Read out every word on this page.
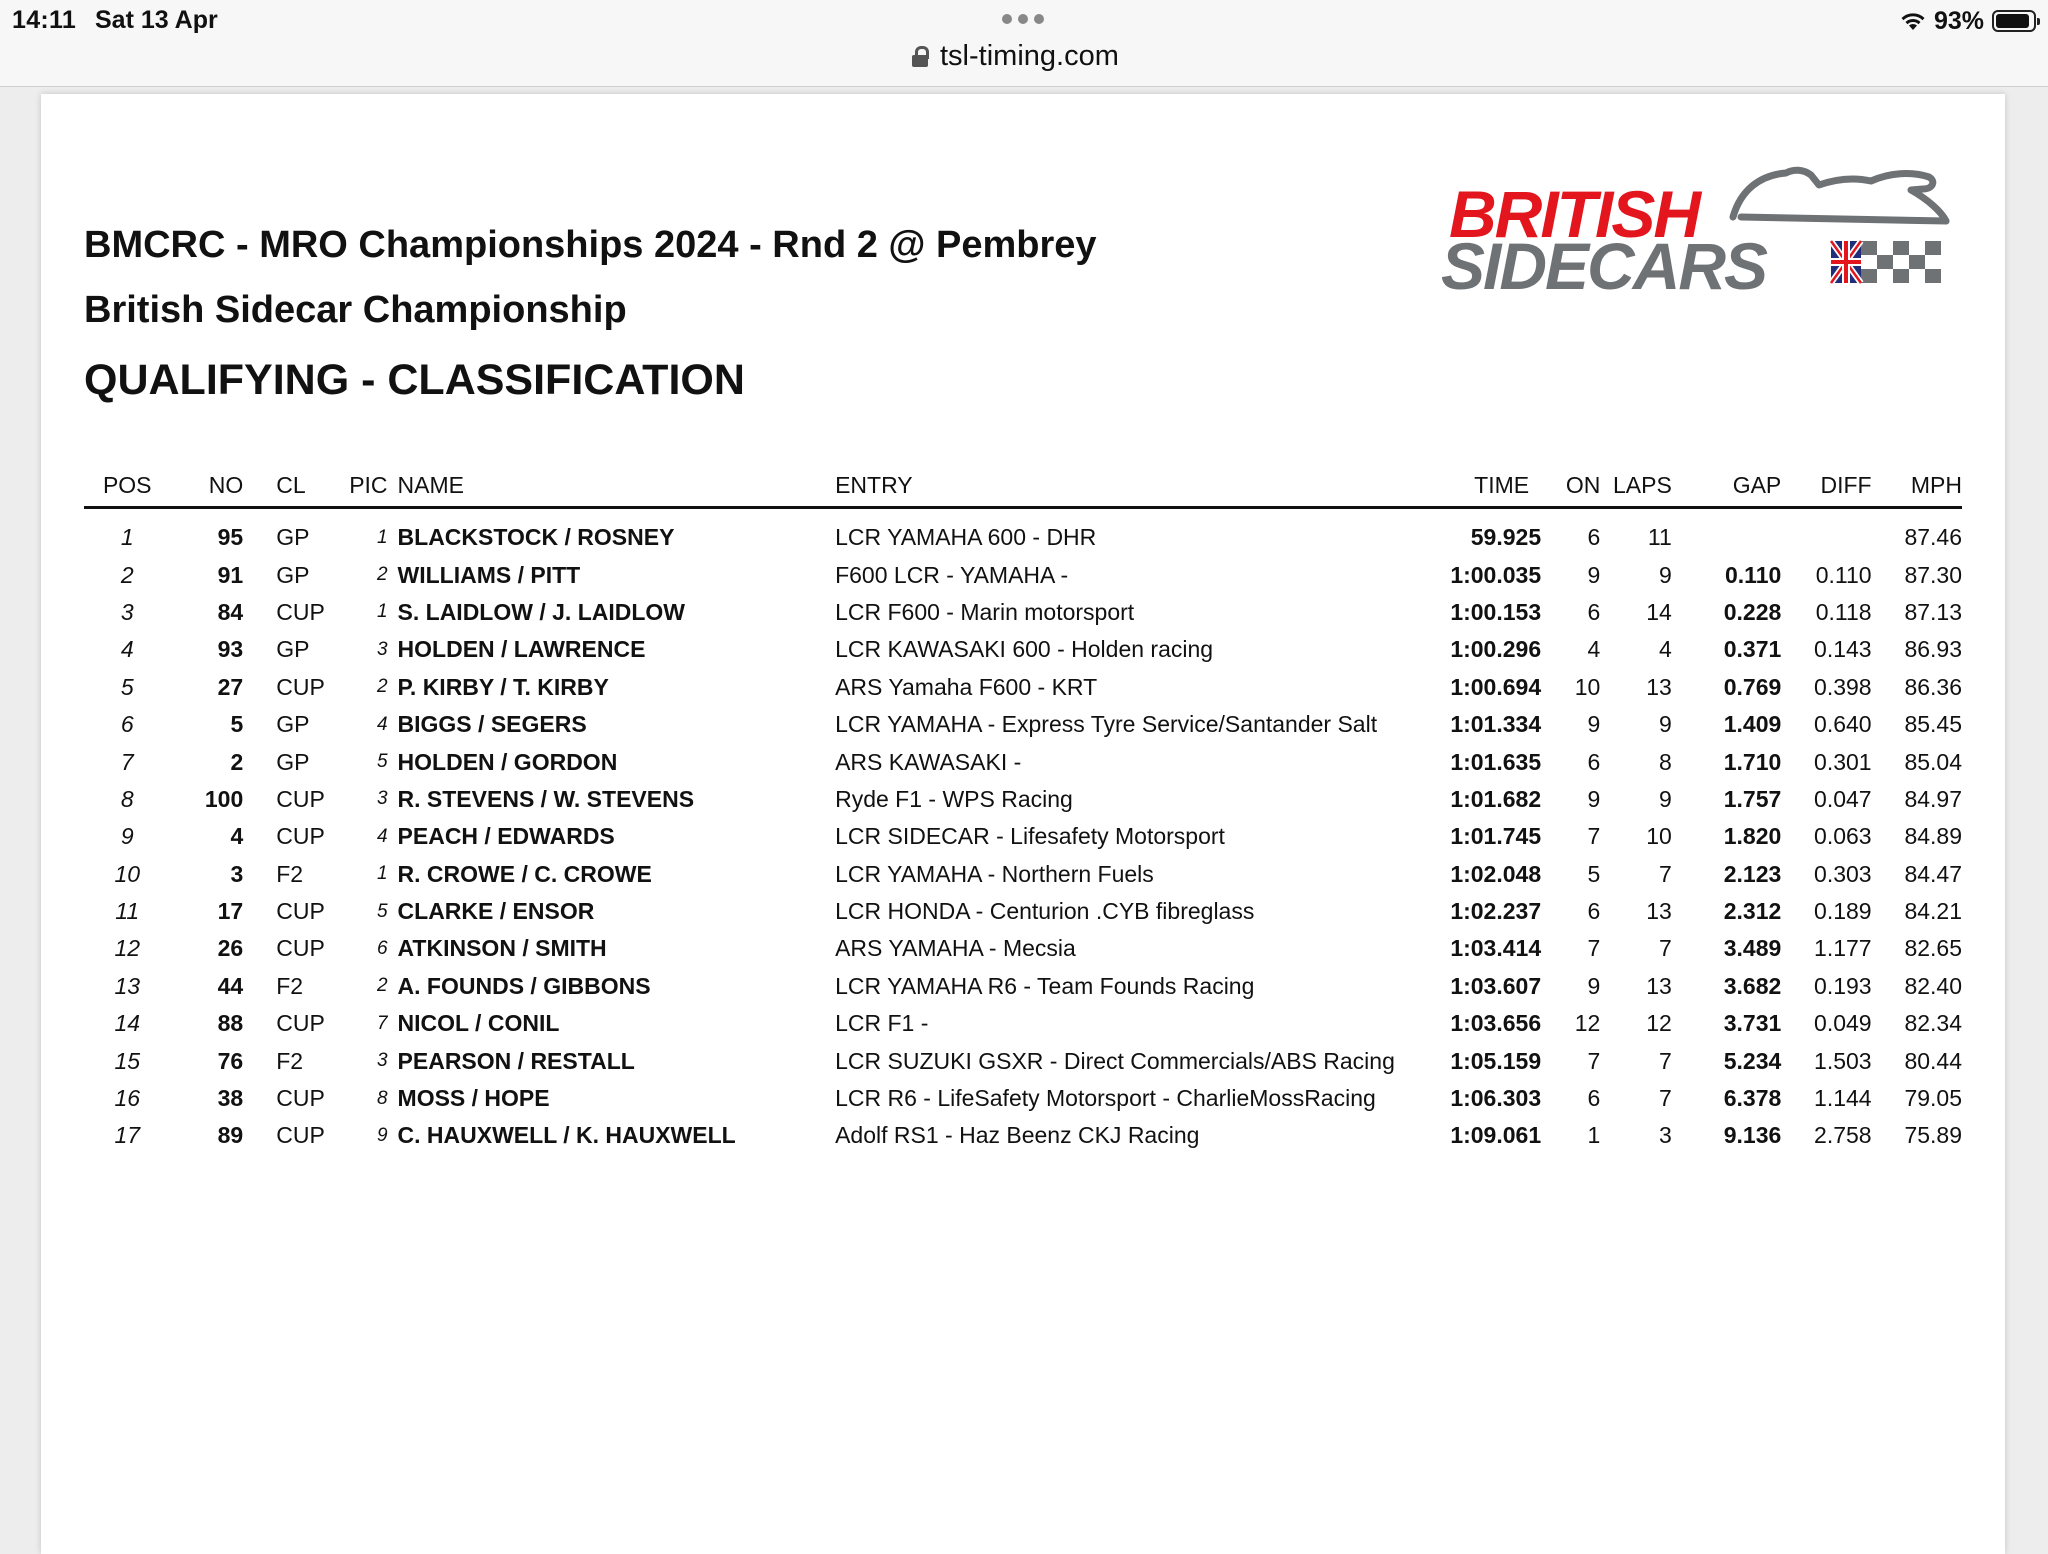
14:11 Sat 13 Apr
tsl-timing.com
93%
BMCRC - MRO Championships 2024 - Rnd 2 @ Pembrey
British Sidecar Championship
QUALIFYING - CLASSIFICATION
BRITISH
SIDECARS
POS	NO	CL	PIC	NAME	ENTRY	TIME	ON	LAPS	GAP	DIFF	MPH
1	95	GP	1	BLACKSTOCK / ROSNEY	LCR YAMAHA 600 - DHR	59.925	6	11			87.46
2	91	GP	2	WILLIAMS / PITT	F600 LCR - YAMAHA -	1:00.035	9	9	0.110	0.110	87.30
3	84	CUP	1	S. LAIDLOW / J. LAIDLOW	LCR F600 - Marin motorsport	1:00.153	6	14	0.228	0.118	87.13
4	93	GP	3	HOLDEN / LAWRENCE	LCR KAWASAKI 600 - Holden racing	1:00.296	4	4	0.371	0.143	86.93
5	27	CUP	2	P. KIRBY / T. KIRBY	ARS Yamaha F600 - KRT	1:00.694	10	13	0.769	0.398	86.36
6	5	GP	4	BIGGS / SEGERS	LCR YAMAHA - Express Tyre Service/Santander Salt	1:01.334	9	9	1.409	0.640	85.45
7	2	GP	5	HOLDEN / GORDON	ARS KAWASAKI -	1:01.635	6	8	1.710	0.301	85.04
8	100	CUP	3	R. STEVENS / W. STEVENS	Ryde F1 - WPS Racing	1:01.682	9	9	1.757	0.047	84.97
9	4	CUP	4	PEACH / EDWARDS	LCR SIDECAR - Lifesafety Motorsport	1:01.745	7	10	1.820	0.063	84.89
10	3	F2	1	R. CROWE / C. CROWE	LCR YAMAHA - Northern Fuels	1:02.048	5	7	2.123	0.303	84.47
11	17	CUP	5	CLARKE / ENSOR	LCR HONDA - Centurion .CYB fibreglass	1:02.237	6	13	2.312	0.189	84.21
12	26	CUP	6	ATKINSON / SMITH	ARS YAMAHA - Mecsia	1:03.414	7	7	3.489	1.177	82.65
13	44	F2	2	A. FOUNDS / GIBBONS	LCR YAMAHA R6 - Team Founds Racing	1:03.607	9	13	3.682	0.193	82.40
14	88	CUP	7	NICOL / CONIL	LCR F1 -	1:03.656	12	12	3.731	0.049	82.34
15	76	F2	3	PEARSON / RESTALL	LCR SUZUKI GSXR - Direct Commercials/ABS Racing	1:05.159	7	7	5.234	1.503	80.44
16	38	CUP	8	MOSS / HOPE	LCR R6 - LifeSafety Motorsport - CharlieMossRacing	1:06.303	6	7	6.378	1.144	79.05
17	89	CUP	9	C. HAUXWELL / K. HAUXWELL	Adolf RS1 - Haz Beenz CKJ Racing	1:09.061	1	3	9.136	2.758	75.89
